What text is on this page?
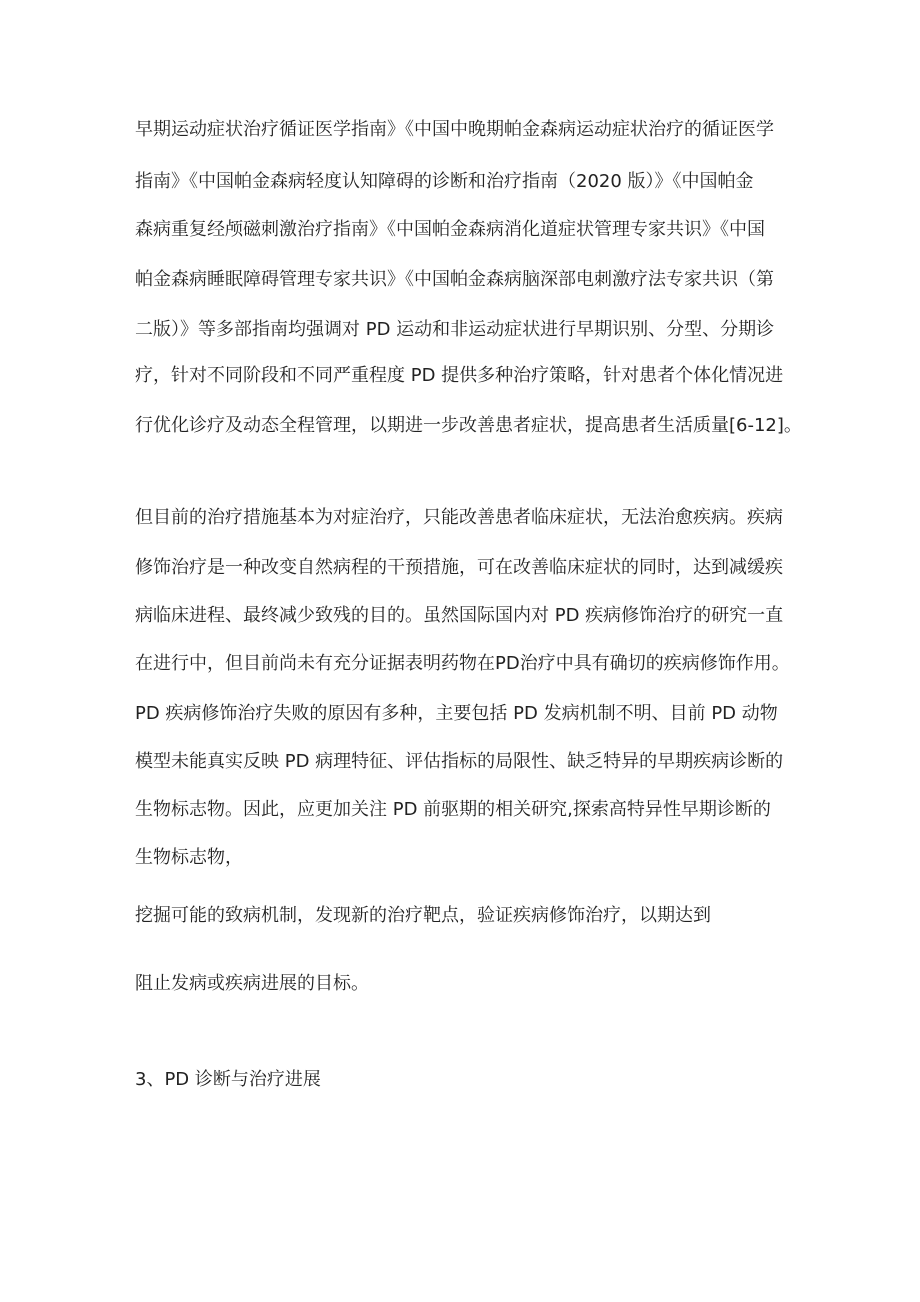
早期运动症状治疗循证医学指南》《中国中晚期帕金森病运动症状治疗的循证医学

指南》《中国帕金森病轻度认知障碍的诊断和治疗指南（2020 版）》《中国帕金

森病重复经颅磁刺激治疗指南》《中国帕金森病消化道症状管理专家共识》《中国

帕金森病睡眠障碍管理专家共识》《中国帕金森病脑深部电刺激疗法专家共识（第

二版）》等多部指南均强调对 PD 运动和非运动症状进行早期识别、分型、分期诊

疗，针对不同阶段和不同严重程度 PD 提供多种治疗策略，针对患者个体化情况进

行优化诊疗及动态全程管理，以期进一步改善患者症状，提高患者生活质量[6-12]。

但目前的治疗措施基本为对症治疗，只能改善患者临床症状，无法治愈疾病。疾病

修饰治疗是一种改变自然病程的干预措施，可在改善临床症状的同时，达到减缓疾

病临床进程、最终减少致残的目的。虽然国际国内对 PD 疾病修饰治疗的研究一直

在进行中，但目前尚未有充分证据表明药物在PD治疗中具有确切的疾病修饰作用。

PD 疾病修饰治疗失败的原因有多种，主要包括 PD 发病机制不明、目前 PD 动物

模型未能真实反映 PD 病理特征、评估指标的局限性、缺乏特异的早期疾病诊断的

生物标志物。因此，应更加关注 PD 前驱期的相关研究,探索高特异性早期诊断的

生物标志物，

挖掘可能的致病机制，发现新的治疗靶点，验证疾病修饰治疗，以期达到

阻止发病或疾病进展的目标。

3、PD 诊断与治疗进展
